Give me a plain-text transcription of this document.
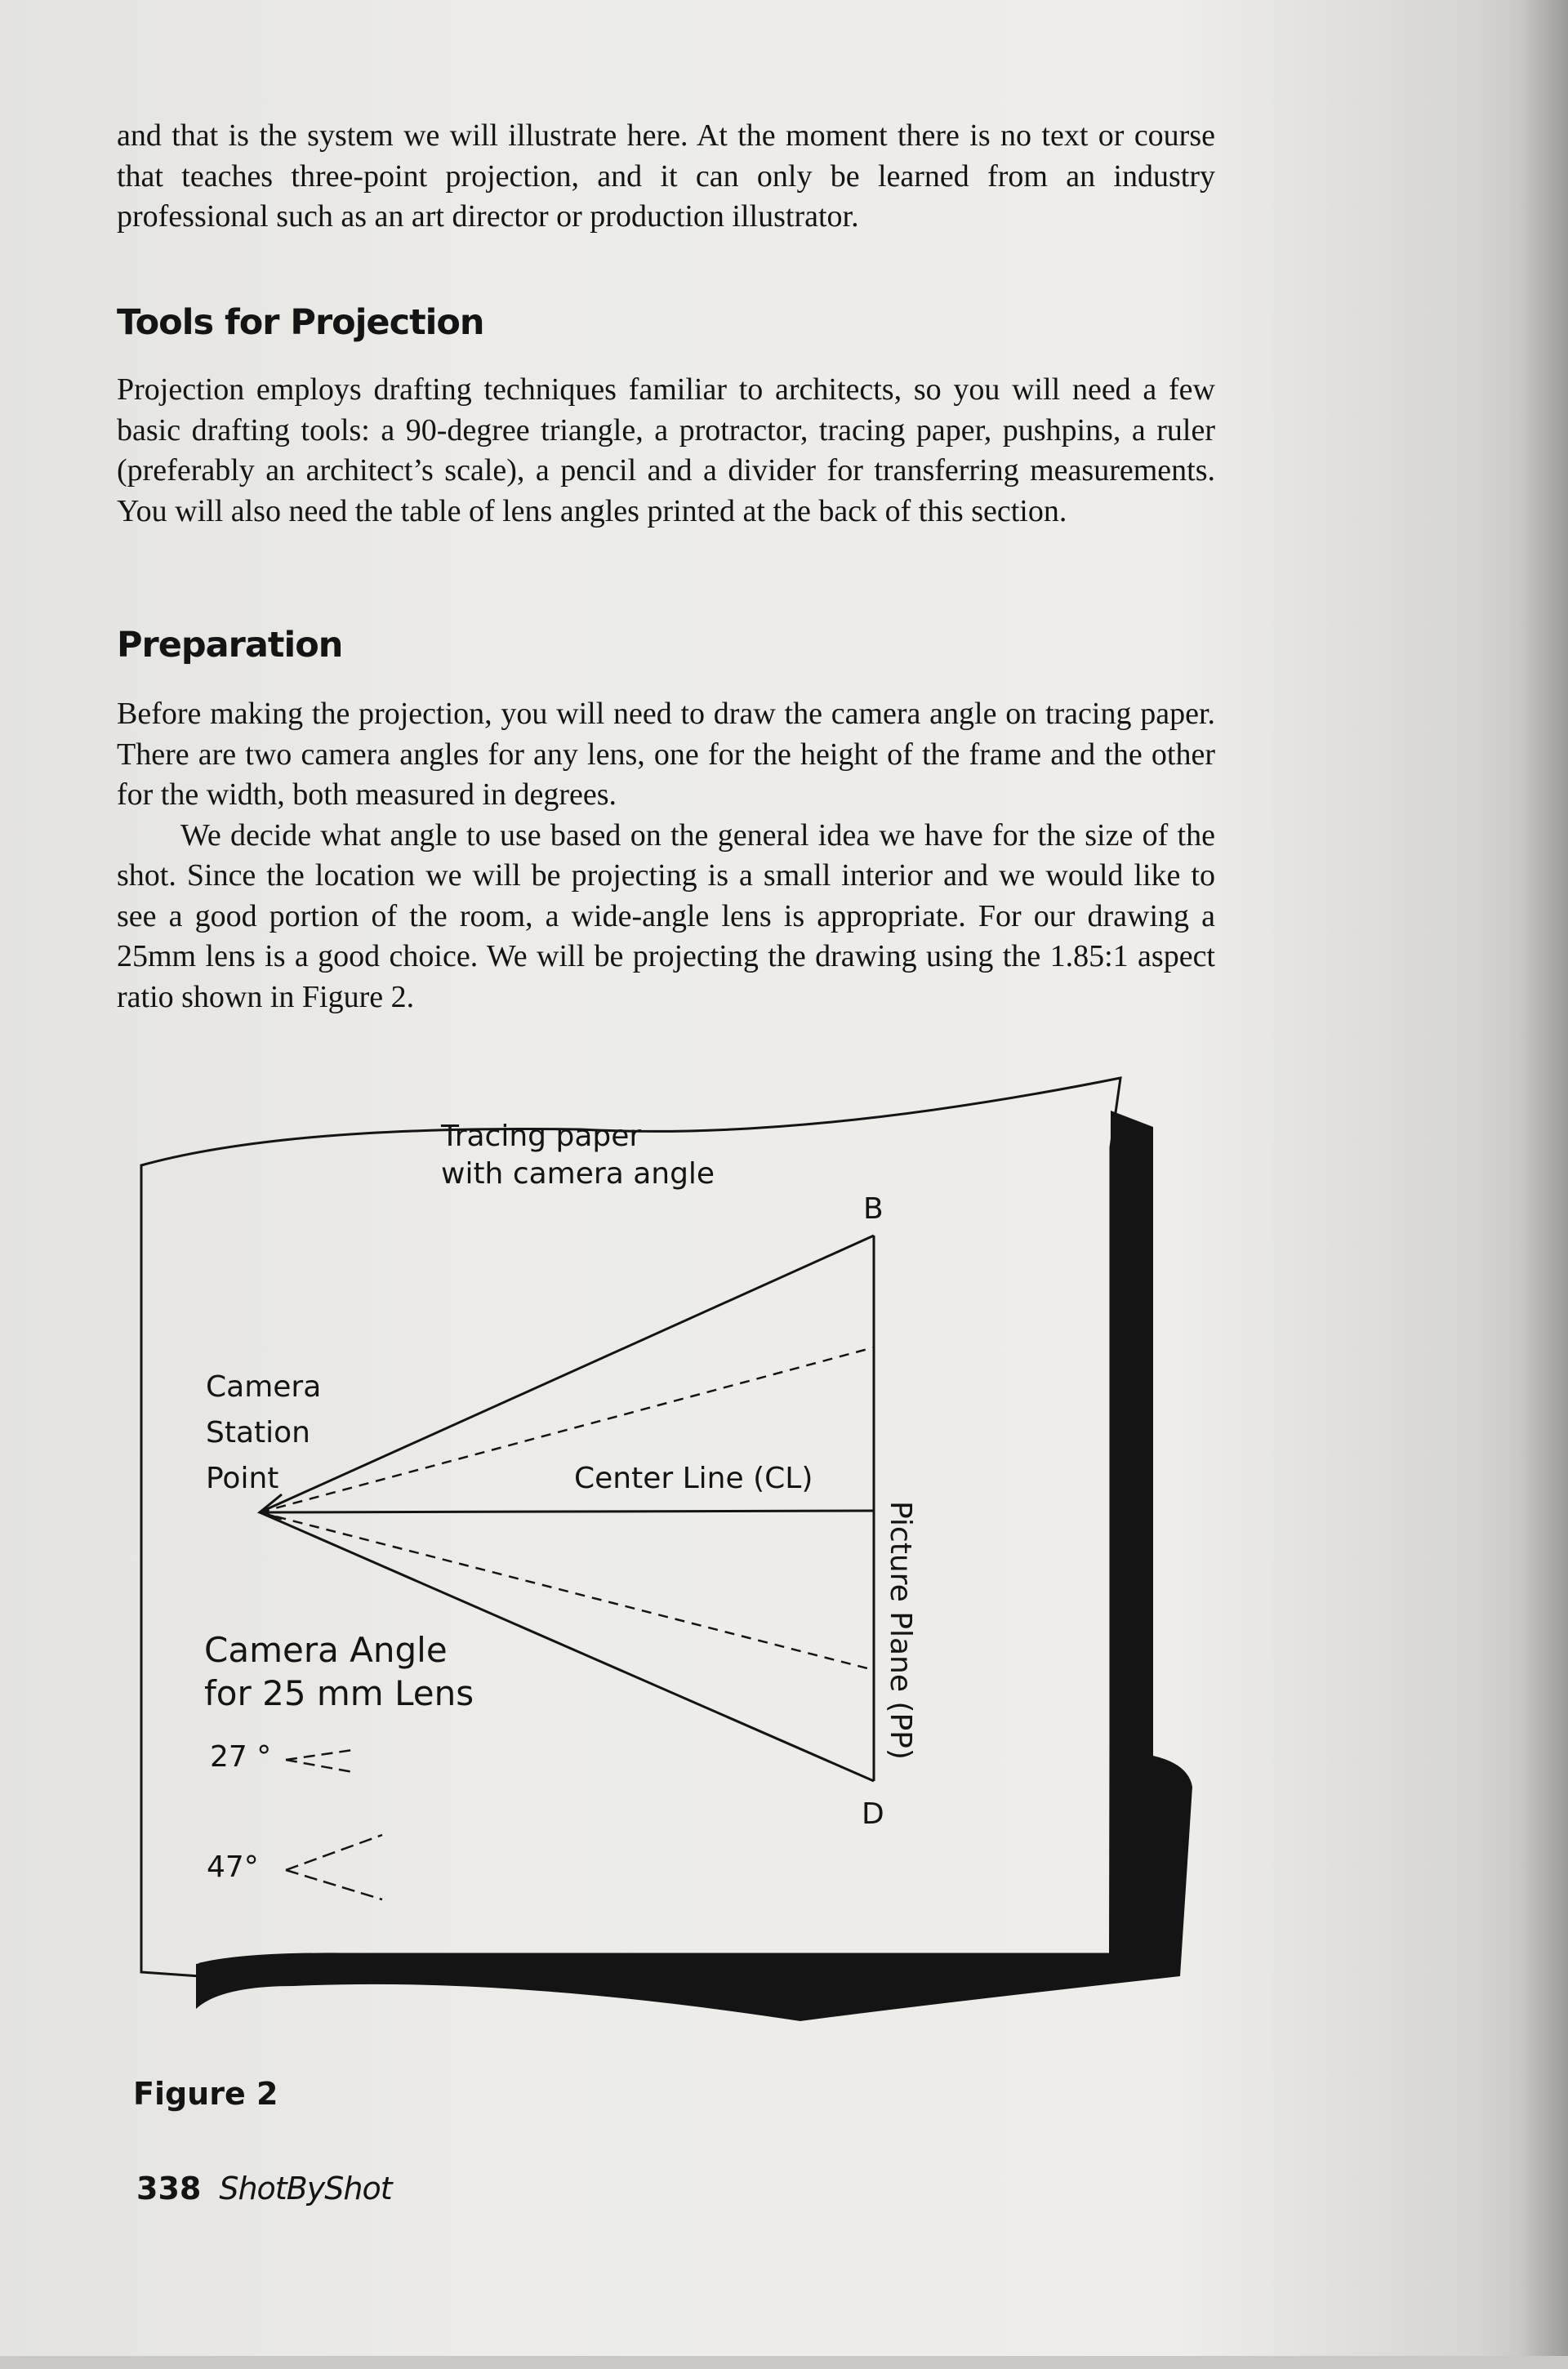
and that is the system we will illustrate here. At the moment there is no text or course that teaches three-point projection, and it can only be learned from an industry professional such as an art director or production illustrator.

Tools for Projection

Projection employs drafting techniques familiar to architects, so you will need a few basic drafting tools: a 90-degree triangle, a protractor, tracing paper, pushpins, a ruler (preferably an architect’s scale), a pencil and a divider for transferring measurements. You will also need the table of lens angles printed at the back of this section.

Preparation

Before making the projection, you will need to draw the camera angle on tracing paper. There are two camera angles for any lens, one for the height of the frame and the other for the width, both measured in degrees.

We decide what angle to use based on the general idea we have for the size of the shot. Since the location we will be projecting is a small interior and we would like to see a good portion of the room, a wide-angle lens is appropriate. For our drawing a 25mm lens is a good choice. We will be projecting the drawing using the 1.85:1 aspect ratio shown in Figure 2.

Tracing paper
with camera angle
B
D
Camera
Station
Point	Center Line (CL)
Picture Plane (PP)
Camera Angle
for 25 mm Lens
27 °
47°
Figure 2
338 ShotByShot
